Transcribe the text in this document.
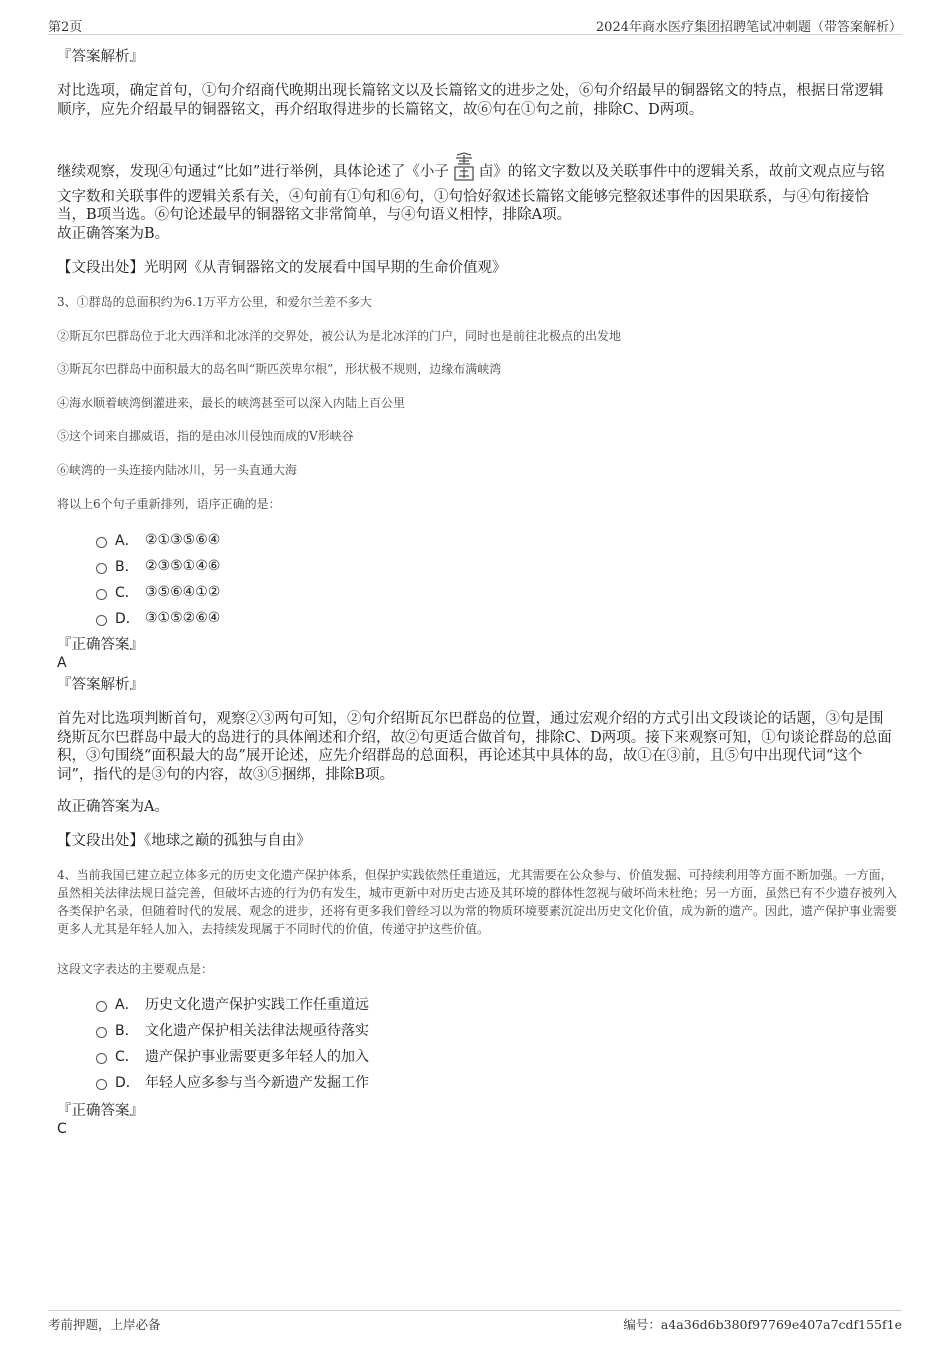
第2页	2024年商水医疗集团招聘笔试冲刺题（带答案解析）

『答案解析』

对比选项，确定首句，①句介绍商代晚期出现长篇铭文以及长篇铭文的进步之处，⑥句介绍最早的铜器铭文的特点，根据日常逻辑顺序，应先介绍最早的铜器铭文，再介绍取得进步的长篇铭文，故⑥句在①句之前，排除C、D两项。

继续观察，发现④句通过“比如”进行举例，具体论述了《小子 卣》的铭文字数以及关联事件中的逻辑关系，故前文观点应与铭文字数和关联事件的逻辑关系有关，④句前有①句和⑥句，①句恰好叙述长篇铭文能够完整叙述事件的因果联系，与④句衔接恰当，B项当选。⑥句论述最早的铜器铭文非常简单，与④句语义相悖，排除A项。

故正确答案为B。

【文段出处】光明网《从青铜器铭文的发展看中国早期的生命价值观》

3、①群岛的总面积约为6.1万平方公里，和爱尔兰差不多大

②斯瓦尔巴群岛位于北大西洋和北冰洋的交界处，被公认为是北冰洋的门户，同时也是前往北极点的出发地

③斯瓦尔巴群岛中面积最大的岛名叫“斯匹茨卑尔根”，形状极不规则，边缘布满峡湾

④海水顺着峡湾倒灌进来，最长的峡湾甚至可以深入内陆上百公里

⑤这个词来自挪威语，指的是由冰川侵蚀而成的V形峡谷

⑥峡湾的一头连接内陆冰川，另一头直通大海

将以上6个句子重新排列，语序正确的是：

A． ②①③⑤⑥④
B． ②③⑤①④⑥
C． ③⑤⑥④①②
D． ③①⑤②⑥④

『正确答案』

A

『答案解析』

首先对比选项判断首句，观察②③两句可知，②句介绍斯瓦尔巴群岛的位置，通过宏观介绍的方式引出文段谈论的话题，③句是围绕斯瓦尔巴群岛中最大的岛进行的具体阐述和介绍，故②句更适合做首句，排除C、D两项。接下来观察可知，①句谈论群岛的总面积，③句围绕“面积最大的岛”展开论述，应先介绍群岛的总面积，再论述其中具体的岛，故①在③前，且⑤句中出现代词“这个词”，指代的是③句的内容，故③⑤捆绑，排除B项。

故正确答案为A。

【文段出处】《地球之巅的孤独与自由》

4、当前我国已建立起立体多元的历史文化遗产保护体系，但保护实践依然任重道远，尤其需要在公众参与、价值发掘、可持续利用等方面不断加强。一方面，虽然相关法律法规日益完善，但破坏古迹的行为仍有发生，城市更新中对历史古迹及其环境的群体性忽视与破坏尚未杜绝；另一方面，虽然已有不少遗存被列入各类保护名录，但随着时代的发展、观念的进步，还将有更多我们曾经习以为常的物质环境要素沉淀出历史文化价值，成为新的遗产。因此，遗产保护事业需要更多人尤其是年轻人加入，去持续发现属于不同时代的价值，传递守护这些价值。

这段文字表达的主要观点是：

A． 历史文化遗产保护实践工作任重道远
B． 文化遗产保护相关法律法规亟待落实
C． 遗产保护事业需要更多年轻人的加入
D． 年轻人应多参与当今新遗产发掘工作

『正确答案』

C

考前押题，上岸必备	编号：a4a36d6b380f97769e407a7cdf155f1e
